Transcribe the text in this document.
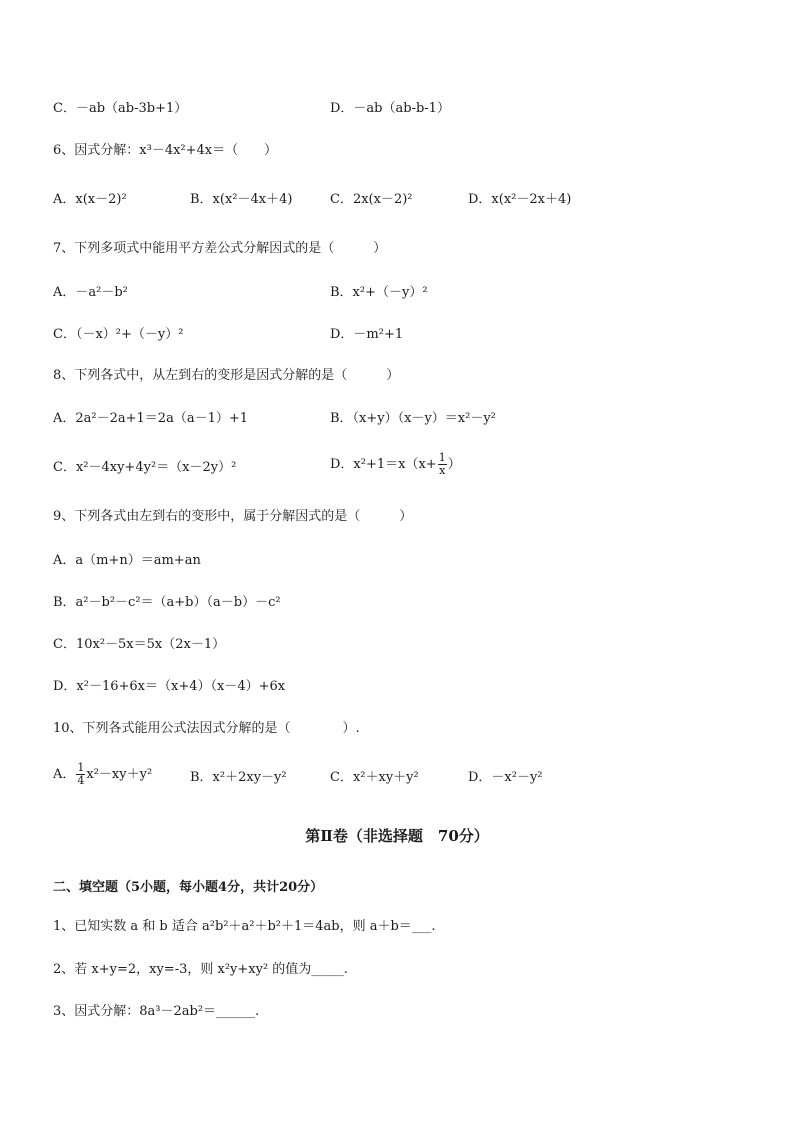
C．－ab（ab-3b+1）	D．－ab（ab-b-1）
6、因式分解：x³－4x²+4x＝（　　）
A．x(x－2)²	B．x(x²－4x＋4)	C．2x(x－2)²	D．x(x²－2x＋4)
7、下列多项式中能用平方差公式分解因式的是（　　　）
A．－a²－b²	B．x²+（－y）²
C．（－x）²+（－y）²	D．－m²+1
8、下列各式中，从左到右的变形是因式分解的是（　　　）
A．2a²－2a+1＝2a（a－1）+1	B．（x+y）（x－y）＝x²－y²
C．x²－4xy+4y²＝（x－2y）²	D．$x^2+1=x(x+ \frac{1}{x}$ ）
9、下列各式由左到右的变形中，属于分解因式的是（　　　）
A．a（m+n）＝am+an
B．a²－b²－c²＝（a+b）（a－b）－c²
C．10x²－5x＝5x（2x－1）
D．x²－16+6x＝（x+4）（x－4）+6x
10、下列各式能用公式法因式分解的是（　　　　）.
A． $\frac{1}{4} x^2-xy+y^2$	B．x²＋2xy－y²	C．x²＋xy＋y²	D．－x²－y²
第Ⅱ卷（非选择题　70分）
二、填空题（5小题，每小题4分，共计20分）
1、已知实数 a 和 b 适合 a²b²＋a²＋b²＋1＝4ab，则 a＋b＝___.
2、若 x+y=2，xy=-3，则 x²y+xy² 的值为_____.
3、因式分解：8a³－2ab²＝______.
